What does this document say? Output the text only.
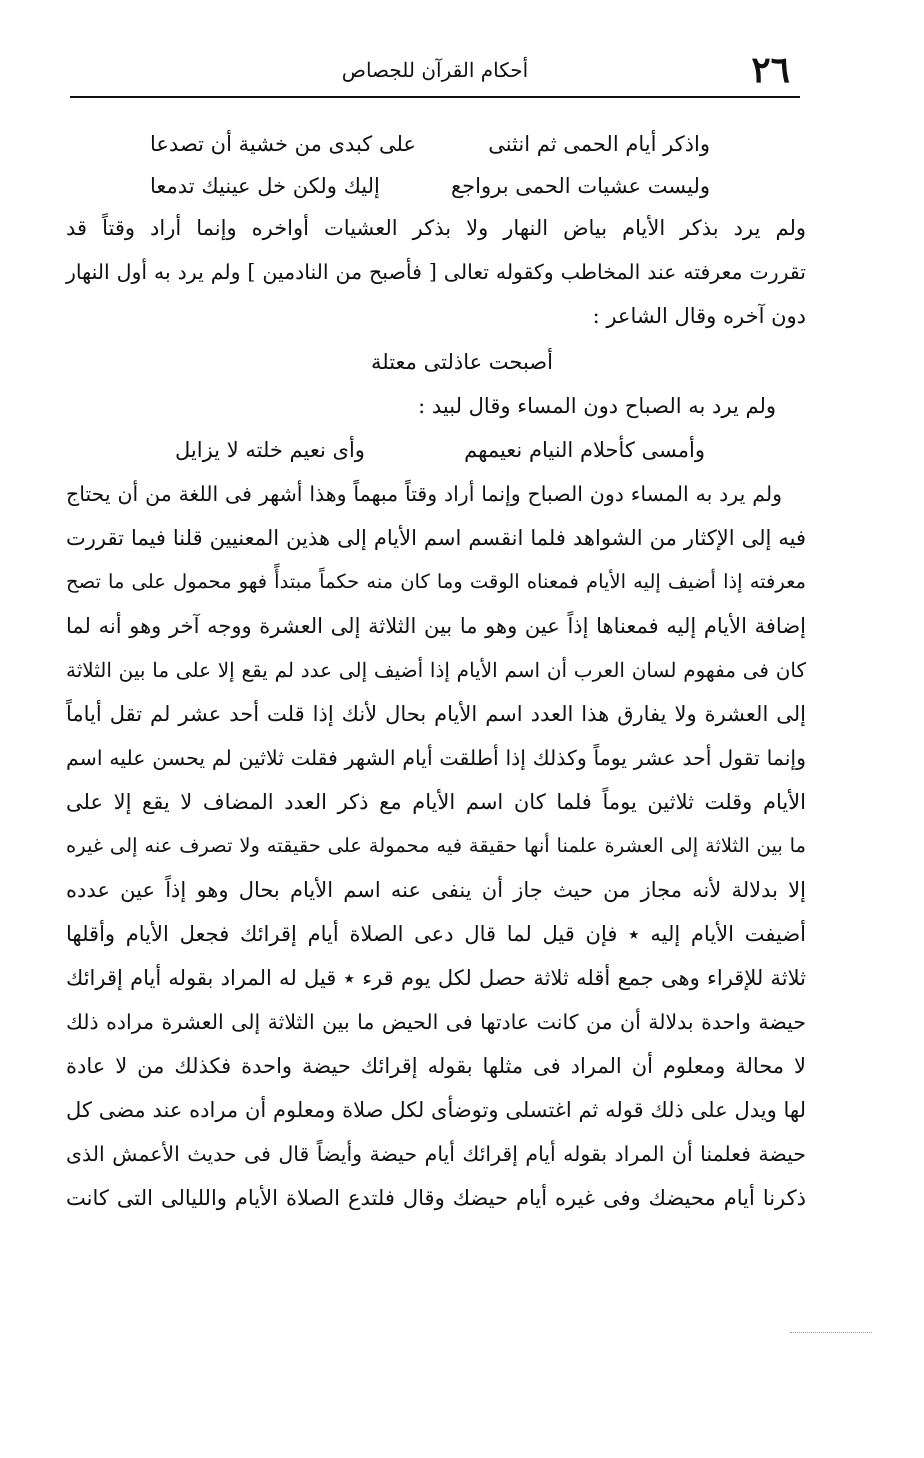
٢٦
أحكام القرآن للجصاص
واذكر أيام الحمى ثم انثنى
على كبدى من خشية أن تصدعا
وليست عشيات الحمى برواجع
إليك ولكن خل عينيك تدمعا
ولم يرد بذكر الأيام بياض النهار ولا بذكر العشيات أواخره وإنما أراد وقتاً قد
تقررت معرفته عند المخاطب وكقوله تعالى [ فأصبح من النادمين ] ولم يرد به أول النهار
دون آخره وقال الشاعر :
أصبحت عاذلتى معتلة
ولم يرد به الصباح دون المساء وقال لبيد :
وأمسى كأحلام النيام نعيمهم
وأى نعيم خلته لا يزايل
ولم يرد به المساء دون الصباح وإنما أراد وقتاً مبهماً وهذا أشهر فى اللغة من أن يحتاج
فيه إلى الإكثار من الشواهد فلما انقسم اسم الأيام إلى هذين المعنيين قلنا فيما تقررت
معرفته إذا أضيف إليه الأيام فمعناه الوقت وما كان منه حكماً مبتدأً فهو محمول على ما تصح
إضافة الأيام إليه فمعناها إذاً عين وهو ما بين الثلاثة إلى العشرة ووجه آخر وهو أنه لما
كان فى مفهوم لسان العرب أن اسم الأيام إذا أضيف إلى عدد لم يقع إلا على ما بين الثلاثة
إلى العشرة ولا يفارق هذا العدد اسم الأيام بحال لأنك إذا قلت أحد عشر لم تقل أياماً
وإنما تقول أحد عشر يوماً وكذلك إذا أطلقت أيام الشهر فقلت ثلاثين لم يحسن عليه اسم
الأيام وقلت ثلاثين يوماً فلما كان اسم الأيام مع ذكر العدد المضاف لا يقع إلا على
ما بين الثلاثة إلى العشرة علمنا أنها حقيقة فيه محمولة على حقيقته ولا تصرف عنه إلى غيره
إلا بدلالة لأنه مجاز من حيث جاز أن ينفى عنه اسم الأيام بحال وهو إذاً عين عدده
أضيفت الأيام إليه ٭ فإن قيل لما قال دعى الصلاة أيام إقرائك فجعل الأيام وأقلها
ثلاثة للإقراء وهى جمع أقله ثلاثة حصل لكل يوم قرء ٭ قيل له المراد بقوله أيام إقرائك
حيضة واحدة بدلالة أن من كانت عادتها فى الحيض ما بين الثلاثة إلى العشرة مراده ذلك
لا محالة ومعلوم أن المراد فى مثلها بقوله إقرائك حيضة واحدة فكذلك من لا عادة
لها ويدل على ذلك قوله ثم اغتسلى وتوضأى لكل صلاة ومعلوم أن مراده عند مضى كل
حيضة فعلمنا أن المراد بقوله أيام إقرائك أيام حيضة وأيضاً قال فى حديث الأعمش الذى
ذكرنا أيام محيضك وفى غيره أيام حيضك وقال فلتدع الصلاة الأيام والليالى التى كانت
